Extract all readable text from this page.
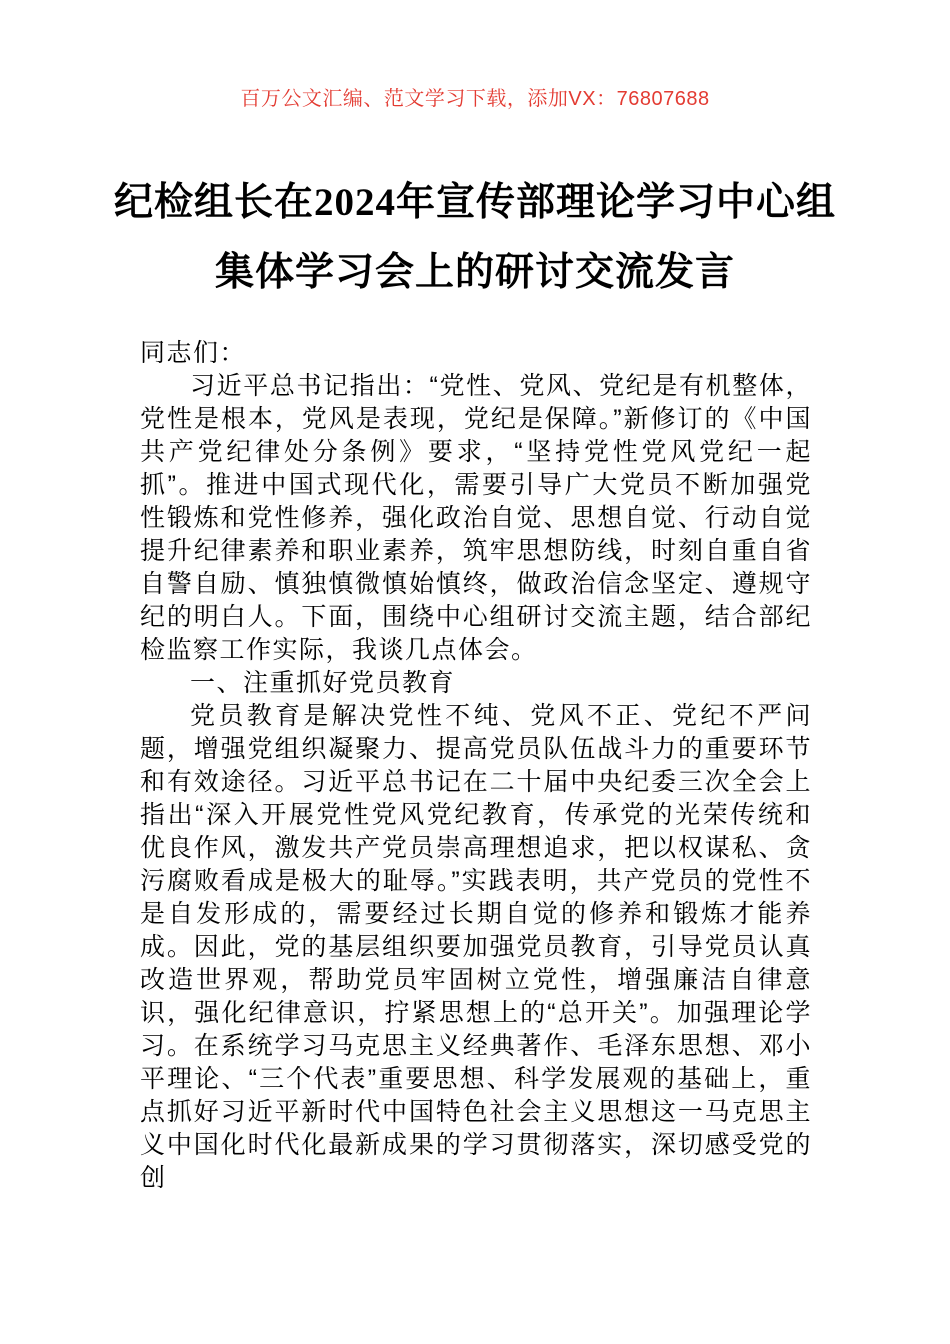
百万公文汇编、范文学习下载，添加VX：76807688
纪检组长在2024年宣传部理论学习中心组
集体学习会上的研讨交流发言

同志们：

习近平总书记指出：“党性、党风、党纪是有机整体，党性是根本，党风是表现，党纪是保障。”新修订的《中国共产党纪律处分条例》要求，“坚持党性党风党纪一起抓”。推进中国式现代化，需要引导广大党员不断加强党性锻炼和党性修养，强化政治自觉、思想自觉、行动自觉提升纪律素养和职业素养，筑牢思想防线，时刻自重自省自警自励、慎独慎微慎始慎终，做政治信念坚定、遵规守纪的明白人。下面，围绕中心组研讨交流主题，结合部纪检监察工作实际，我谈几点体会。

一、注重抓好党员教育

党员教育是解决党性不纯、党风不正、党纪不严问题，增强党组织凝聚力、提高党员队伍战斗力的重要环节和有效途径。习近平总书记在二十届中央纪委三次全会上指出“深入开展党性党风党纪教育，传承党的光荣传统和优良作风，激发共产党员崇高理想追求，把以权谋私、贪污腐败看成是极大的耻辱。”实践表明，共产党员的党性不是自发形成的，需要经过长期自觉的修养和锻炼才能养成。因此，党的基层组织要加强党员教育，引导党员认真改造世界观，帮助党员牢固树立党性，增强廉洁自律意识，强化纪律意识，拧紧思想上的“总开关”。加强理论学习。在系统学习马克思主义经典著作、毛泽东思想、邓小平理论、“三个代表”重要思想、科学发展观的基础上，重点抓好习近平新时代中国特色社会主义思想这一马克思主义中国化时代化最新成果的学习贯彻落实，深切感受党的创
